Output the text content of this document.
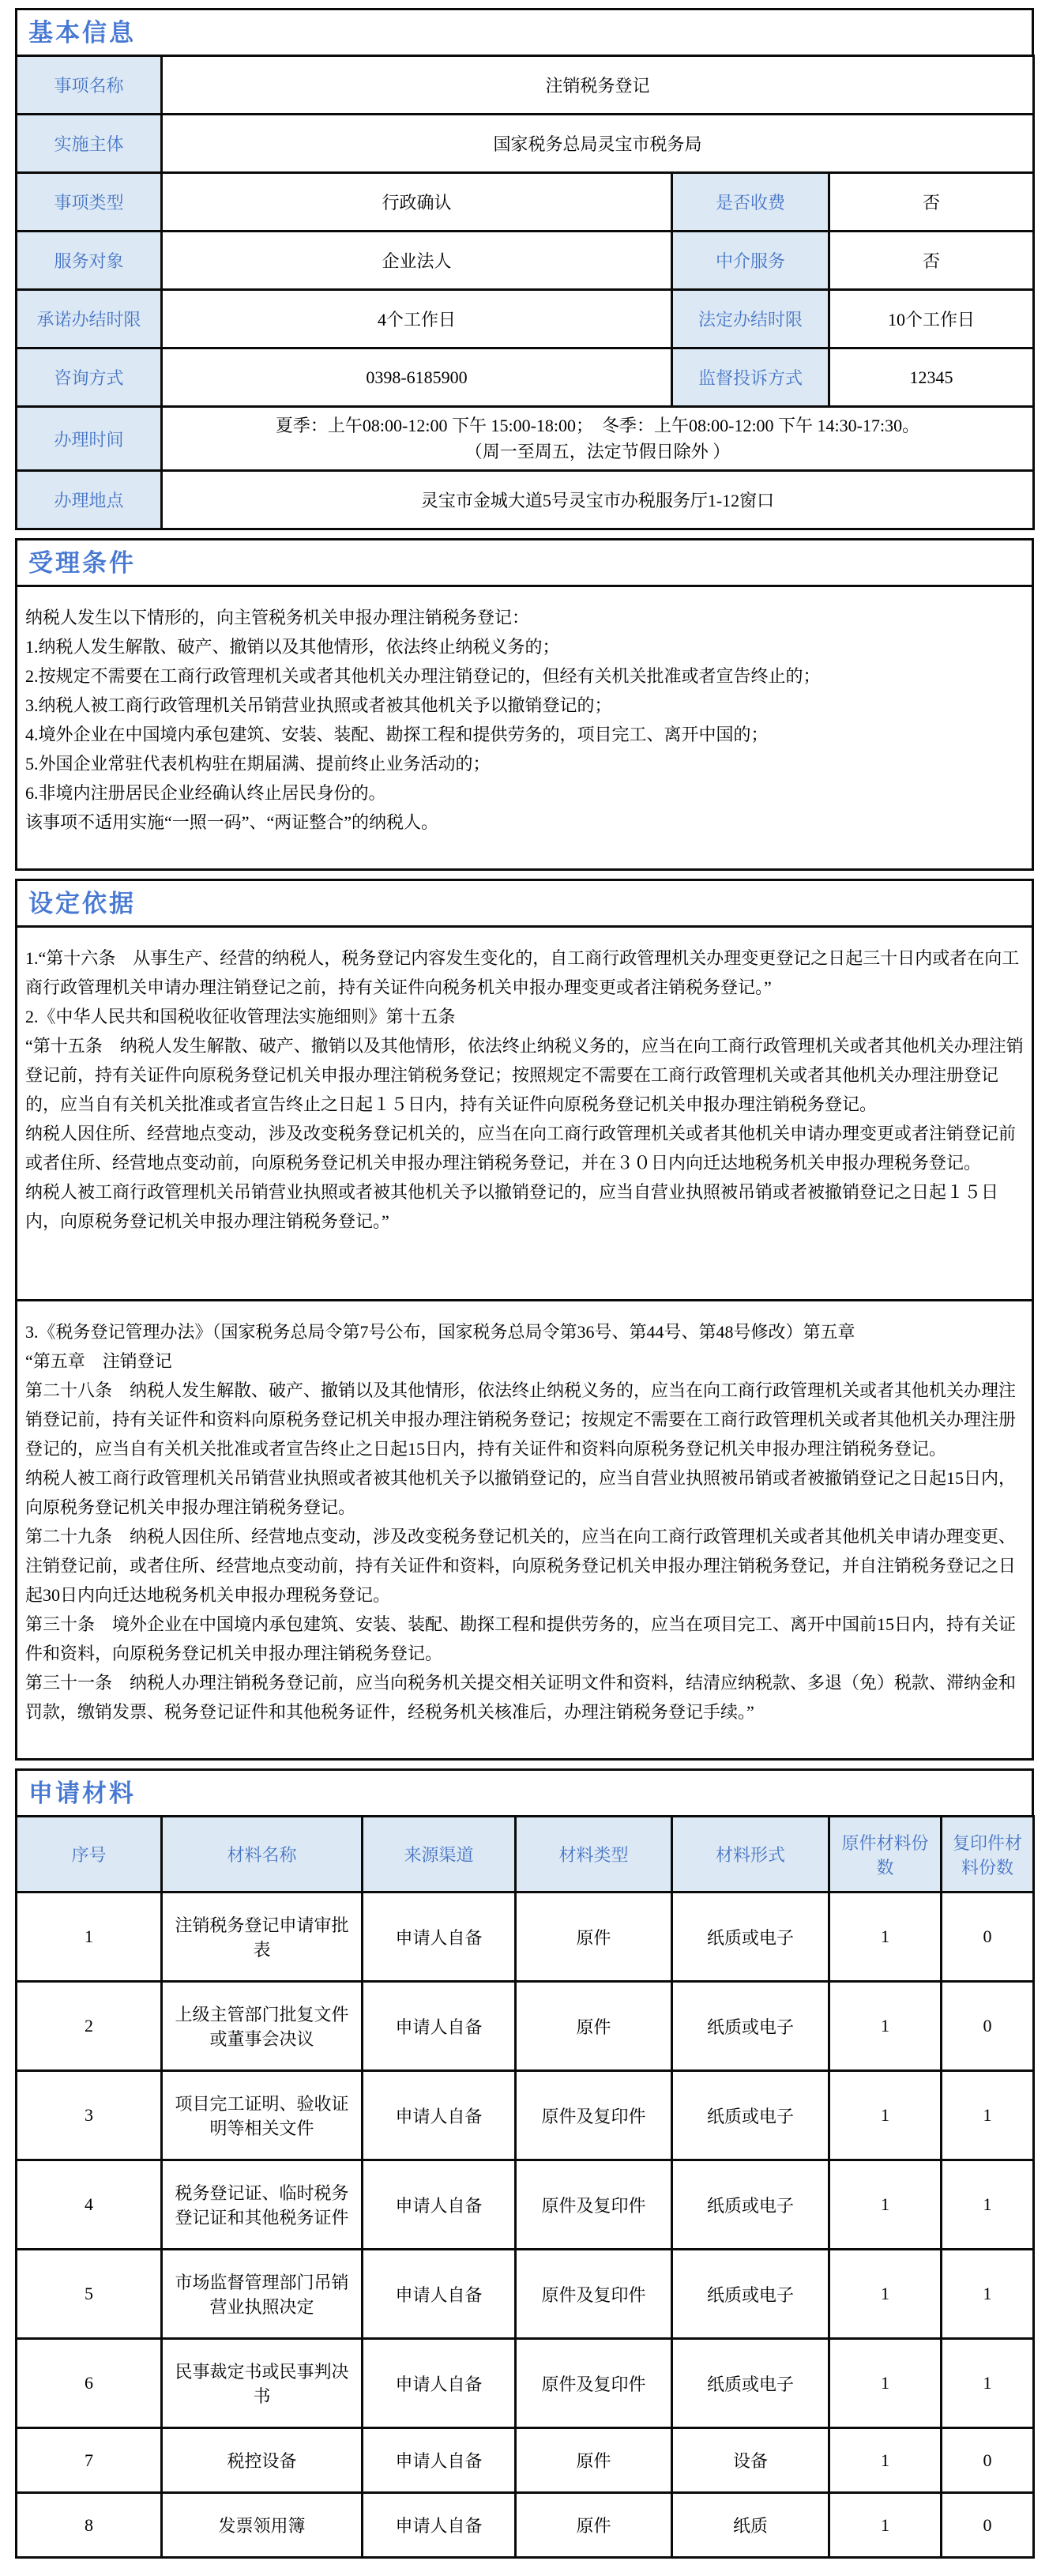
基本信息
事项名称	注销税务登记		
实施主体	国家税务总局灵宝市税务局		
事项类型	行政确认	是否收费	否
服务对象	企业法人	中介服务	否
承诺办结时限	4个工作日	法定办结时限	10个工作日
咨询方式	0398-6185900	监督投诉方式	12345
办理时间	夏季：上午08:00-12:00 下午 15:00-18:00；  冬季：上午08:00-12:00 下午 14:30-17:30。
（周一至周五，法定节假日除外 ）		

办理地点	灵宝市金城大道5号灵宝市办税服务厅1-12窗口		
受理条件

纳税人发生以下情形的，向主管税务机关申报办理注销税务登记：

1.纳税人发生解散、破产、撤销以及其他情形，依法终止纳税义务的；

2.按规定不需要在工商行政管理机关或者其他机关办理注销登记的，但经有关机关批准或者宣告终止的；

3.纳税人被工商行政管理机关吊销营业执照或者被其他机关予以撤销登记的；

4.境外企业在中国境内承包建筑、安装、装配、勘探工程和提供劳务的，项目完工、离开中国的；

5.外国企业常驻代表机构驻在期届满、提前终止业务活动的；

6.非境内注册居民企业经确认终止居民身份的。

该事项不适用实施“一照一码”、“两证整合”的纳税人。

设定依据

1.“第十六条　从事生产、经营的纳税人，税务登记内容发生变化的，自工商行政管理机关办理变更登记之日起三十日内或者在向工商行政管理机关申请办理注销登记之前，持有关证件向税务机关申报办理变更或者注销税务登记。”

2.《中华人民共和国税收征收管理法实施细则》第十五条

“第十五条　纳税人发生解散、破产、撤销以及其他情形，依法终止纳税义务的，应当在向工商行政管理机关或者其他机关办理注销登记前，持有关证件向原税务登记机关申报办理注销税务登记；按照规定不需要在工商行政管理机关或者其他机关办理注册登记的，应当自有关机关批准或者宣告终止之日起１５日内，持有关证件向原税务登记机关申报办理注销税务登记。

纳税人因住所、经营地点变动，涉及改变税务登记机关的，应当在向工商行政管理机关或者其他机关申请办理变更或者注销登记前或者住所、经营地点变动前，向原税务登记机关申报办理注销税务登记，并在３０日内向迁达地税务机关申报办理税务登记。

纳税人被工商行政管理机关吊销营业执照或者被其他机关予以撤销登记的，应当自营业执照被吊销或者被撤销登记之日起１５日内，向原税务登记机关申报办理注销税务登记。”

3.《税务登记管理办法》（国家税务总局令第7号公布，国家税务总局令第36号、第44号、第48号修改）第五章

“第五章　注销登记

第二十八条　纳税人发生解散、破产、撤销以及其他情形，依法终止纳税义务的，应当在向工商行政管理机关或者其他机关办理注销登记前，持有关证件和资料向原税务登记机关申报办理注销税务登记；按规定不需要在工商行政管理机关或者其他机关办理注册登记的，应当自有关机关批准或者宣告终止之日起15日内，持有关证件和资料向原税务登记机关申报办理注销税务登记。

纳税人被工商行政管理机关吊销营业执照或者被其他机关予以撤销登记的，应当自营业执照被吊销或者被撤销登记之日起15日内，向原税务登记机关申报办理注销税务登记。

第二十九条　纳税人因住所、经营地点变动，涉及改变税务登记机关的，应当在向工商行政管理机关或者其他机关申请办理变更、注销登记前，或者住所、经营地点变动前，持有关证件和资料，向原税务登记机关申报办理注销税务登记，并自注销税务登记之日起30日内向迁达地税务机关申报办理税务登记。

第三十条　境外企业在中国境内承包建筑、安装、装配、勘探工程和提供劳务的，应当在项目完工、离开中国前15日内，持有关证件和资料，向原税务登记机关申报办理注销税务登记。

第三十一条　纳税人办理注销税务登记前，应当向税务机关提交相关证明文件和资料，结清应纳税款、多退（免）税款、滞纳金和罚款，缴销发票、税务登记证件和其他税务证件，经税务机关核准后，办理注销税务登记手续。”

申请材料
序号	材料名称	来源渠道	材料类型	材料形式	原件材料份数	复印件材料份数
1	注销税务登记申请审批表	申请人自备	原件	纸质或电子	1	0
2	上级主管部门批复文件或董事会决议	申请人自备	原件	纸质或电子	1	0
3	项目完工证明、验收证明等相关文件	申请人自备	原件及复印件	纸质或电子	1	1
4	税务登记证、临时税务登记证和其他税务证件	申请人自备	原件及复印件	纸质或电子	1	1
5	市场监督管理部门吊销营业执照决定	申请人自备	原件及复印件	纸质或电子	1	1
6	民事裁定书或民事判决书	申请人自备	原件及复印件	纸质或电子	1	1
7	税控设备	申请人自备	原件	设备	1	0
8	发票领用簿	申请人自备	原件	纸质	1	0
